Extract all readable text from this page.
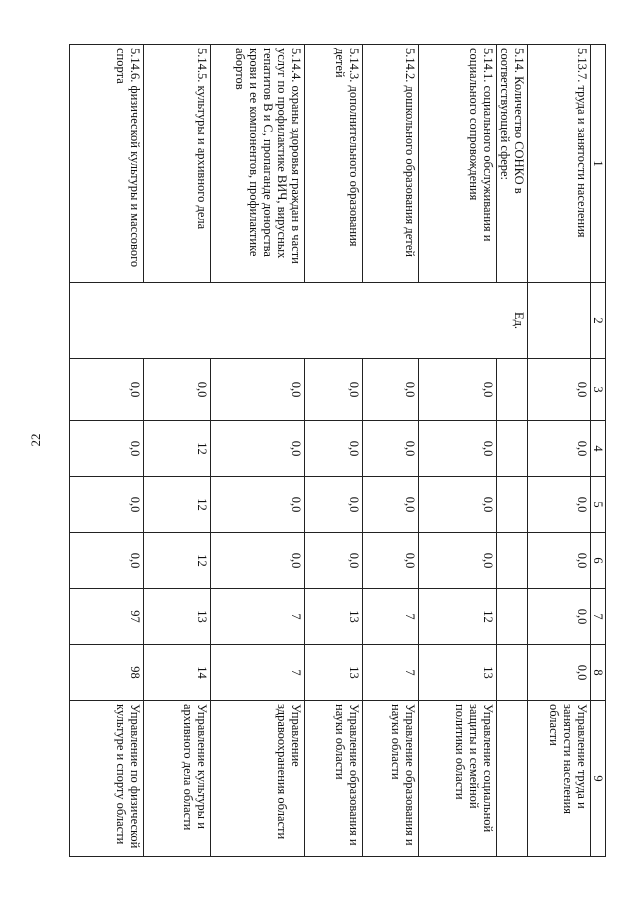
22
1	2	3	4	5	6	7	8	9
5.13.7. труда и занятости населения		0,0	0,0	0,0	0,0	0,0	0,0	Управление труда и занятости населения области
5.14. Количество СОНКО в соответствующей сфере:	Ед.							

5.14.1. социального обслуживания и социального сопровождения		0,0	0,0	0,0	0,0	12	13	Управление социальной защиты и семейной политики области
5.14.2. дошкольного образования детей		0,0	0,0	0,0	0,0	7	7	Управление образования и науки области
5.14.3. дополнительного образования детей		0,0	0,0	0,0	0,0	13	13	Управление образования и науки области
5.14.4. охраны здоровья граждан в части услуг по профилактике ВИЧ, вирусных гепатитов B и C, пропаганде донорства крови и ее компонентов, профилактике абортов		0,0	0,0	0,0	0,0	7	7	Управление здравоохранения области
5.14.5. культуры и архивного дела		0,0	12	12	12	13	14	Управление культуры и архивного дела области
5.14.6. физической культуры и массового спорта		0,0	0,0	0,0	0,0	97	98	Управление по физической культуре и спорту области
